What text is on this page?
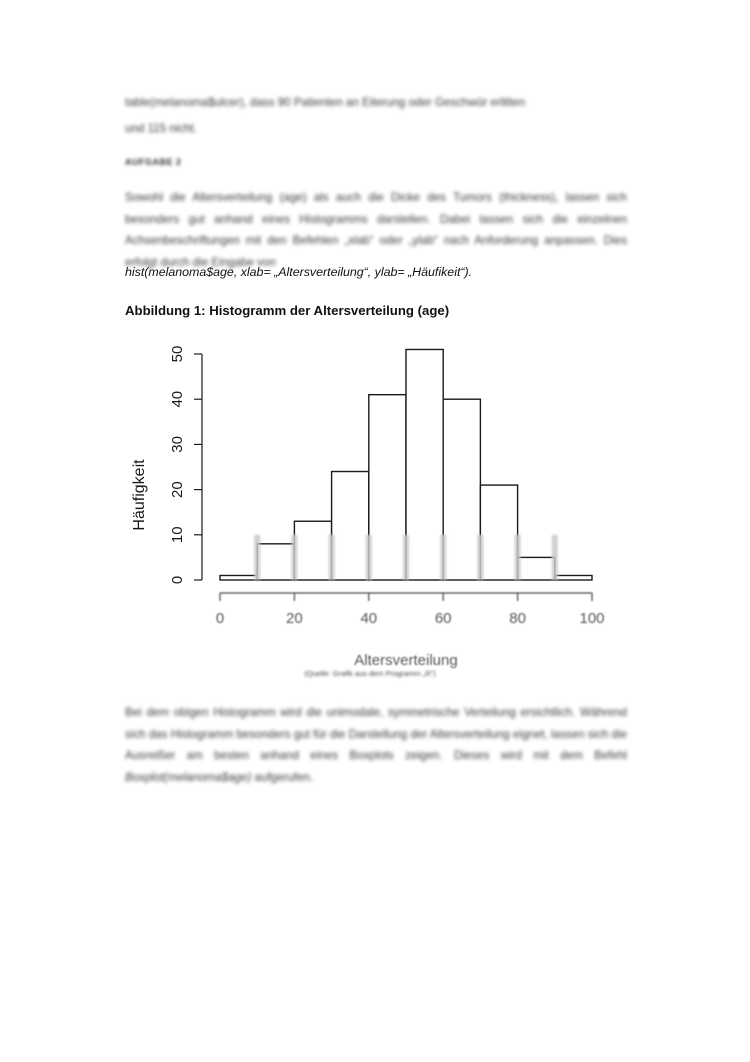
table(melanoma$ulcer), dass 90 Patienten an Eiterung oder Geschwür erlitten
und 115 nicht.
AUFGABE 2
Sowohl die Altersverteilung (age) als auch die Dicke des Tumors (thickness), lassen sich besonders gut anhand eines Histogramms darstellen. Dabei lassen sich die einzelnen Achsenbeschriftungen mit den Befehlen „xlab“ oder „ylab“ nach Anforderung anpassen. Dies erfolgt durch die Eingabe von
hist(melanoma$age, xlab= „Altersverteilung“, ylab= „Häufikeit“).
Abbildung 1: Histogramm der Altersverteilung (age)
0
10
20
30
40
50
0	20	40	60	80	100
Häufigkeit
Altersverteilung
(Quelle: Grafik aus dem Programm „R“)
Bei dem obigen Histogramm wird die unimodale, symmetrische Verteilung ersichtlich. Während sich das Histogramm besonders gut für die Darstellung der Altersverteilung eignet, lassen sich die Ausreißer am besten anhand eines Boxplots zeigen. Dieses wird mit dem Befehl Boxplot(melanoma$age) aufgerufen.
